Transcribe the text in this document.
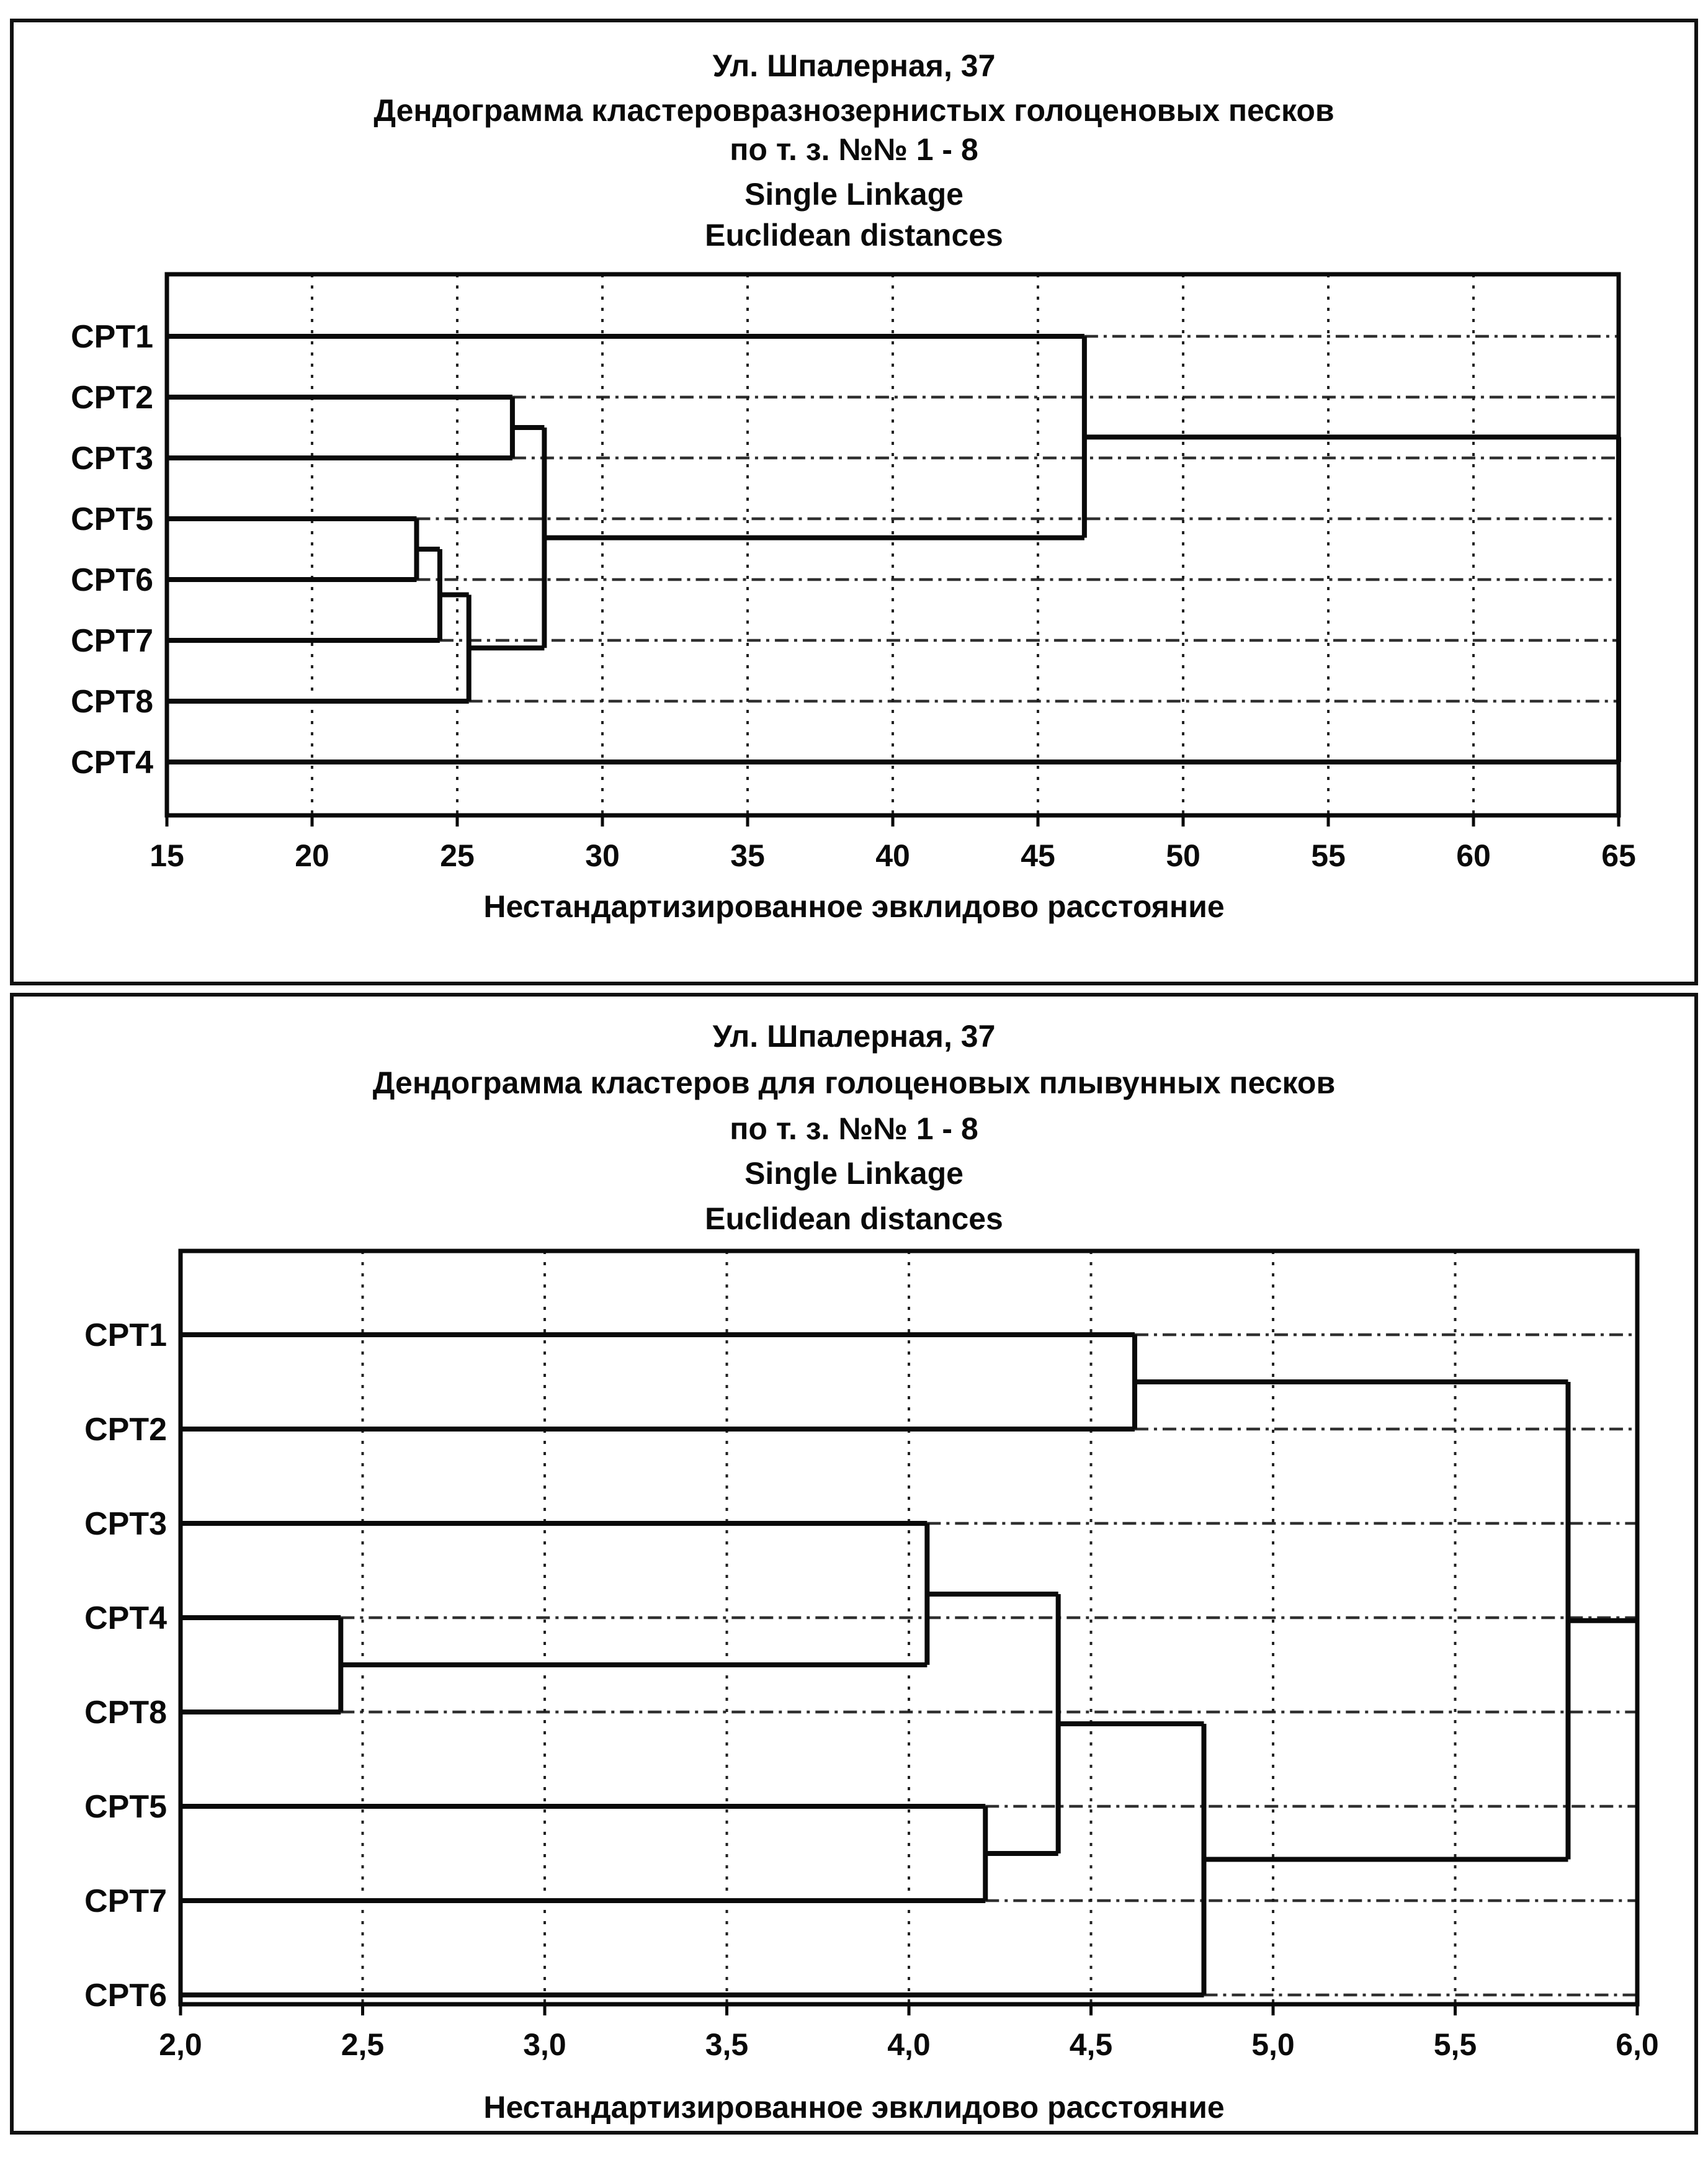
Ул. Шпалерная, 37
Дендограмма кластеровразнозернистых голоценовых песков
по т. з. №№ 1 - 8
Single Linkage
Euclidean distances
15	20	25	30	35	40	45	50	55	60	65
CPT1
CPT2
CPT3
CPT5
CPT6
CPT7
CPT8
CPT4
Нестандартизированное эвклидово расстояние
Ул. Шпалерная, 37
Дендограмма кластеров для голоценовых плывунных песков
по т. з. №№ 1 - 8
Single Linkage
Euclidean distances
2,0	2,5	3,0	3,5	4,0	4,5	5,0	5,5	6,0
CPT1
CPT2
CPT3
CPT4
CPT8
CPT5
CPT7
CPT6
Нестандартизированное эвклидово расстояние
